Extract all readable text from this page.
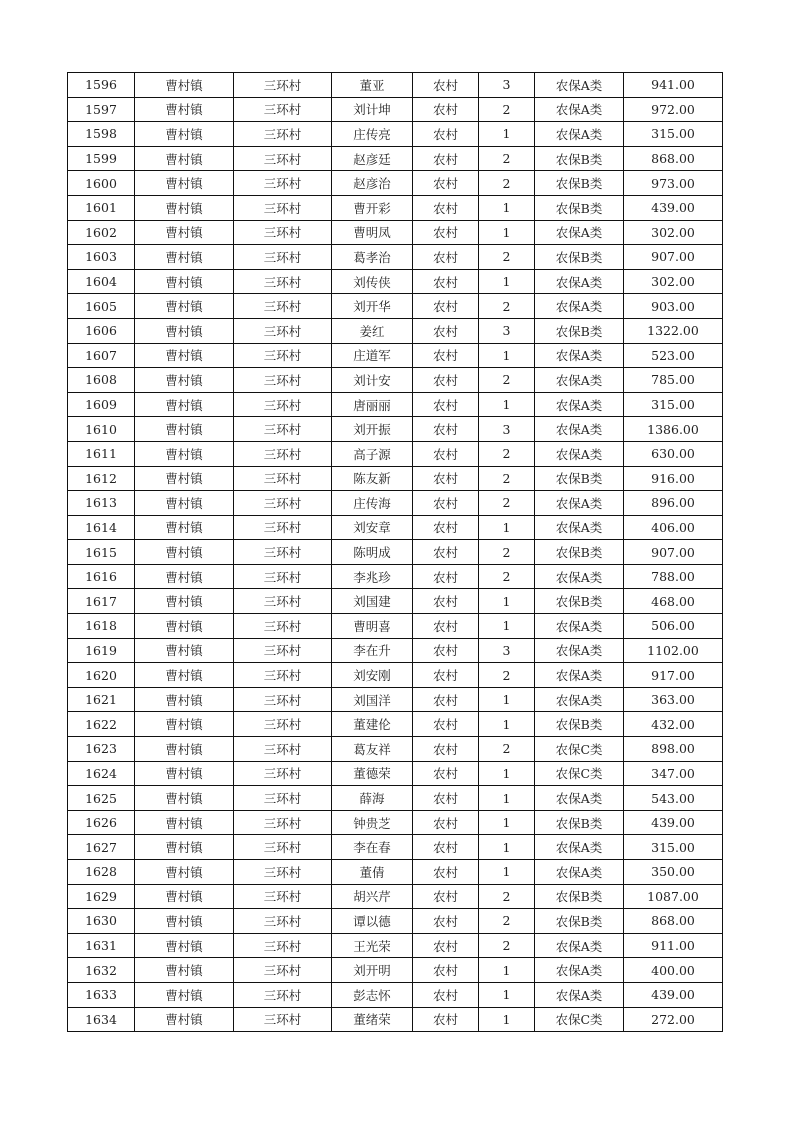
1596	曹村镇	三环村	董亚	农村	3	农保A类	941.00
1597	曹村镇	三环村	刘计坤	农村	2	农保A类	972.00
1598	曹村镇	三环村	庄传亮	农村	1	农保A类	315.00
1599	曹村镇	三环村	赵彦廷	农村	2	农保B类	868.00
1600	曹村镇	三环村	赵彦治	农村	2	农保B类	973.00
1601	曹村镇	三环村	曹开彩	农村	1	农保B类	439.00
1602	曹村镇	三环村	曹明凤	农村	1	农保A类	302.00
1603	曹村镇	三环村	葛孝治	农村	2	农保B类	907.00
1604	曹村镇	三环村	刘传侠	农村	1	农保A类	302.00
1605	曹村镇	三环村	刘开华	农村	2	农保A类	903.00
1606	曹村镇	三环村	姜红	农村	3	农保B类	1322.00
1607	曹村镇	三环村	庄道军	农村	1	农保A类	523.00
1608	曹村镇	三环村	刘计安	农村	2	农保A类	785.00
1609	曹村镇	三环村	唐丽丽	农村	1	农保A类	315.00
1610	曹村镇	三环村	刘开振	农村	3	农保A类	1386.00
1611	曹村镇	三环村	高子源	农村	2	农保A类	630.00
1612	曹村镇	三环村	陈友新	农村	2	农保B类	916.00
1613	曹村镇	三环村	庄传海	农村	2	农保A类	896.00
1614	曹村镇	三环村	刘安章	农村	1	农保A类	406.00
1615	曹村镇	三环村	陈明成	农村	2	农保B类	907.00
1616	曹村镇	三环村	李兆珍	农村	2	农保A类	788.00
1617	曹村镇	三环村	刘国建	农村	1	农保B类	468.00
1618	曹村镇	三环村	曹明喜	农村	1	农保A类	506.00
1619	曹村镇	三环村	李在升	农村	3	农保A类	1102.00
1620	曹村镇	三环村	刘安刚	农村	2	农保A类	917.00
1621	曹村镇	三环村	刘国洋	农村	1	农保A类	363.00
1622	曹村镇	三环村	董建伦	农村	1	农保B类	432.00
1623	曹村镇	三环村	葛友祥	农村	2	农保C类	898.00
1624	曹村镇	三环村	董德荣	农村	1	农保C类	347.00
1625	曹村镇	三环村	薛海	农村	1	农保A类	543.00
1626	曹村镇	三环村	钟贵芝	农村	1	农保B类	439.00
1627	曹村镇	三环村	李在春	农村	1	农保A类	315.00
1628	曹村镇	三环村	董倩	农村	1	农保A类	350.00
1629	曹村镇	三环村	胡兴芹	农村	2	农保B类	1087.00
1630	曹村镇	三环村	谭以德	农村	2	农保B类	868.00
1631	曹村镇	三环村	王光荣	农村	2	农保A类	911.00
1632	曹村镇	三环村	刘开明	农村	1	农保A类	400.00
1633	曹村镇	三环村	彭志怀	农村	1	农保A类	439.00
1634	曹村镇	三环村	董绪荣	农村	1	农保C类	272.00
